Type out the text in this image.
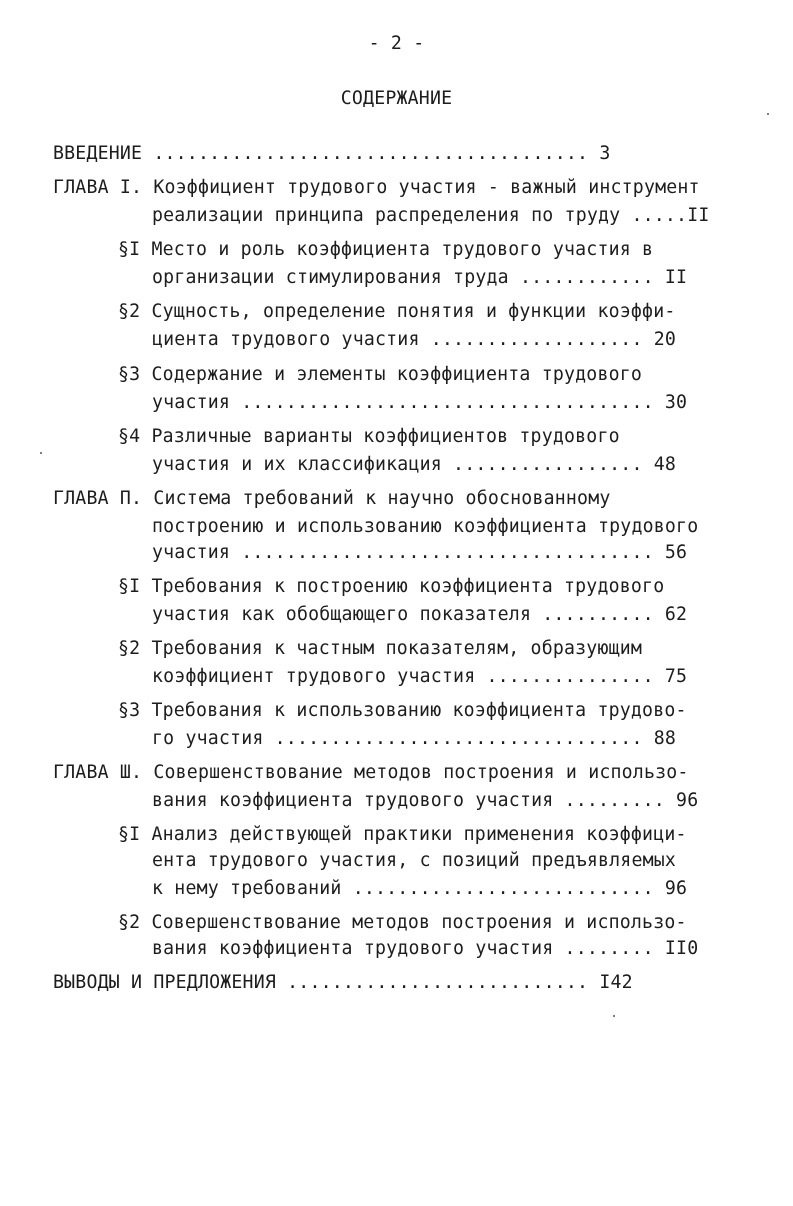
- 2 -
СОДЕРЖАНИЕ
ВВЕДЕНИЕ ....................................... 3
ГЛАВА I. Коэффициент трудового участия - важный инструмент
реализации принципа распределения по труду .....II
§I Место и роль коэффициента трудового участия в
организации стимулирования труда ............ II
§2 Сущность, определение понятия и функции коэффи-
циента трудового участия ................... 20
§3 Содержание и элементы коэффициента трудового
участия ..................................... 30
§4 Различные варианты коэффициентов трудового
участия и их классификация ................. 48
ГЛАВА П. Система требований к научно обоснованному
построению и использованию коэффициента трудового
участия ..................................... 56
§I Требования к построению коэффициента трудового
участия как обобщающего показателя .......... 62
§2 Требования к частным показателям, образующим
коэффициент трудового участия ............... 75
§3 Требования к использованию коэффициента трудово-
го участия ................................. 88
ГЛАВА Ш. Совершенствование методов построения и использо-
вания коэффициента трудового участия ......... 96
§I Анализ действующей практики применения коэффици-
ента трудового участия, с позиций предъявляемых
к нему требований ........................... 96
§2 Совершенствование методов построения и использо-
вания коэффициента трудового участия ........ II0
ВЫВОДЫ И ПРЕДЛОЖЕНИЯ ........................... I42
